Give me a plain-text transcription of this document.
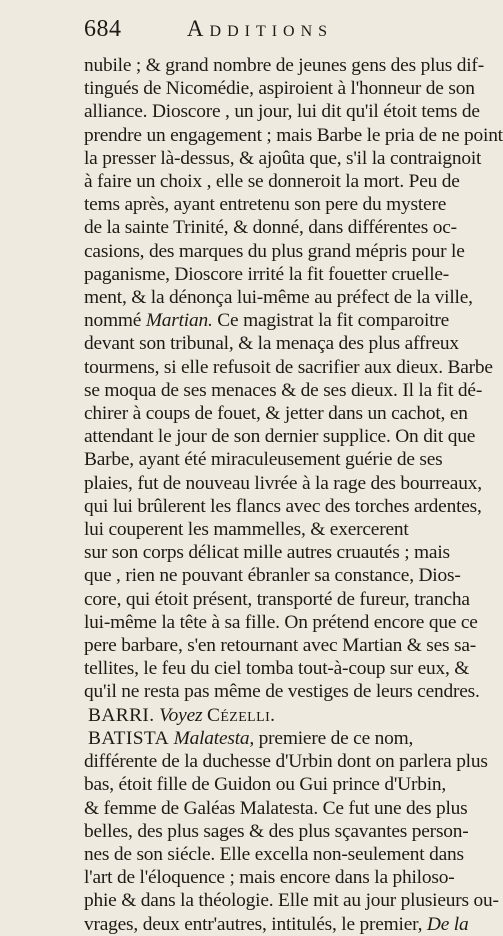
684	Additions
nubile ; & grand nombre de jeunes gens des plus dif-
tingués de Nicomédie, aspiroient à l'honneur de son
alliance. Dioscore , un jour, lui dit qu'il étoit tems de
prendre un engagement ; mais Barbe le pria de ne point
la presser là-dessus, & ajoûta que, s'il la contraignoit
à faire un choix , elle se donneroit la mort. Peu de
tems après, ayant entretenu son pere du mystere
de la sainte Trinité, & donné, dans différentes oc-
casions, des marques du plus grand mépris pour le
paganisme, Dioscore irrité la fit fouetter cruelle-
ment, & la dénonça lui-même au préfect de la ville,
nommé Martian. Ce magistrat la fit comparoitre
devant son tribunal, & la menaça des plus affreux
tourmens, si elle refusoit de sacrifier aux dieux. Barbe
se moqua de ses menaces & de ses dieux. Il la fit dé-
chirer à coups de fouet, & jetter dans un cachot, en
attendant le jour de son dernier supplice. On dit que
Barbe, ayant été miraculeusement guérie de ses
plaies, fut de nouveau livrée à la rage des bourreaux,
qui lui brûlerent les flancs avec des torches ardentes,
lui couperent les mammelles, & exercerent
sur son corps délicat mille autres cruautés ; mais
que , rien ne pouvant ébranler sa constance, Dios-
core, qui étoit présent, transporté de fureur, trancha
lui-même la tête à sa fille. On prétend encore que ce
pere barbare, s'en retournant avec Martian & ses sa-
tellites, le feu du ciel tomba tout-à-coup sur eux, &
qu'il ne resta pas même de vestiges de leurs cendres.
BARRI. Voyez Cézelli.
BATISTA Malatesta, premiere de ce nom,
différente de la duchesse d'Urbin dont on parlera plus
bas, étoit fille de Guidon ou Gui prince d'Urbin,
& femme de Galéas Malatesta. Ce fut une des plus
belles, des plus sages & des plus sçavantes person-
nes de son siécle. Elle excella non-seulement dans
l'art de l'éloquence ; mais encore dans la philoso-
phie & dans la théologie. Elle mit au jour plusieurs ou-
vrages, deux entr'autres, intitulés, le premier, De la
